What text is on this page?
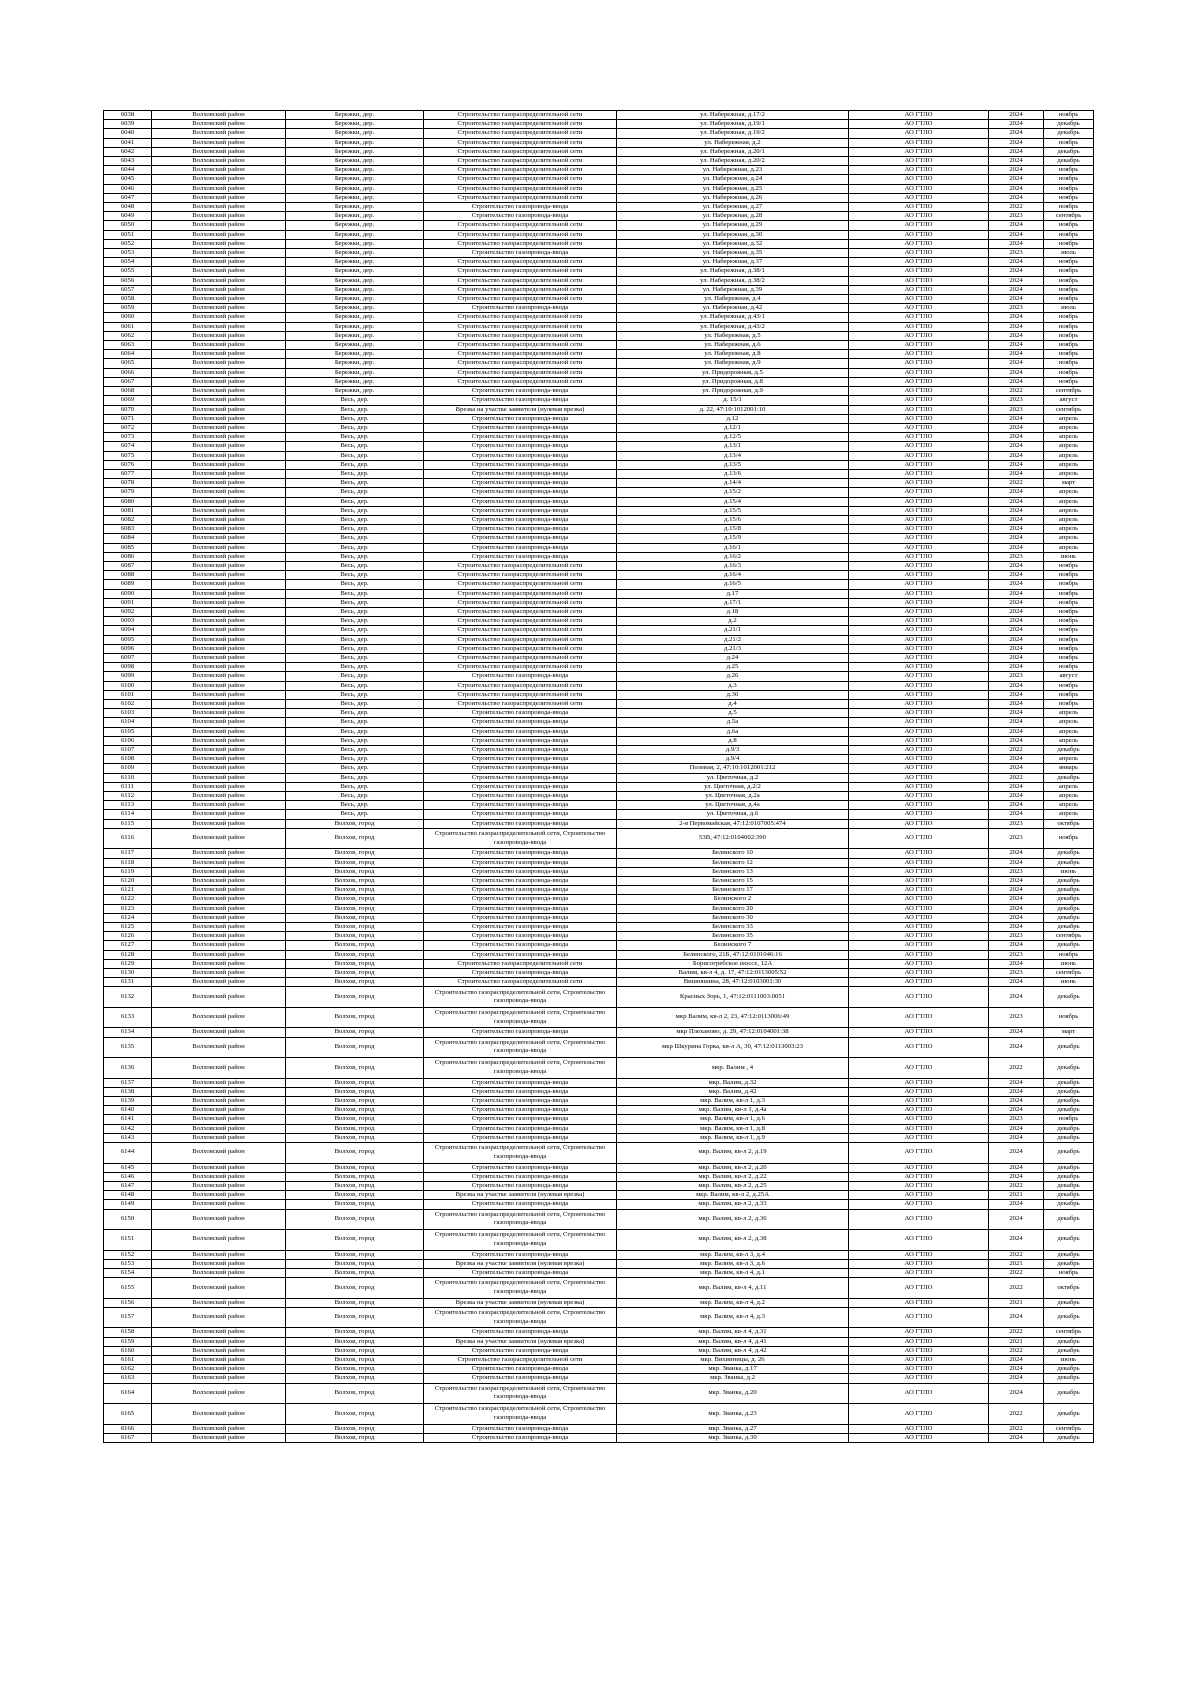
6038	Волховский район	Бережки, дер.	Строительство газораспределительной сети	ул. Набережная, д.17/2	АО ГТЛО	2024	ноябрь
6039	Волховский район	Бережки, дер.	Строительство газораспределительной сети	ул. Набережная, д.19/1	АО ГТЛО	2024	декабрь
6040	Волховский район	Бережки, дер.	Строительство газораспределительной сети	ул. Набережная, д.19/2	АО ГТЛО	2024	декабрь
6041	Волховский район	Бережки, дер.	Строительство газораспределительной сети	ул. Набережная, д.2	АО ГТЛО	2024	ноябрь
6042	Волховский район	Бережки, дер.	Строительство газораспределительной сети	ул. Набережная, д.20/1	АО ГТЛО	2024	декабрь
6043	Волховский район	Бережки, дер.	Строительство газораспределительной сети	ул. Набережная, д.20/2	АО ГТЛО	2024	декабрь
6044	Волховский район	Бережки, дер.	Строительство газораспределительной сети	ул. Набережная, д.23	АО ГТЛО	2024	ноябрь
6045	Волховский район	Бережки, дер.	Строительство газораспределительной сети	ул. Набережная, д.24	АО ГТЛО	2024	ноябрь
6046	Волховский район	Бережки, дер.	Строительство газораспределительной сети	ул. Набережная, д.25	АО ГТЛО	2024	ноябрь
6047	Волховский район	Бережки, дер.	Строительство газораспределительной сети	ул. Набережная, д.26	АО ГТЛО	2024	ноябрь
6048	Волховский район	Бережки, дер.	Строительство газопровода-ввода	ул. Набережная, д.27	АО ГТЛО	2022	ноябрь
6049	Волховский район	Бережки, дер.	Строительство газопровода-ввода	ул. Набережная, д.28	АО ГТЛО	2023	сентябрь
6050	Волховский район	Бережки, дер.	Строительство газораспределительной сети	ул. Набережная, д.29	АО ГТЛО	2024	ноябрь
6051	Волховский район	Бережки, дер.	Строительство газораспределительной сети	ул. Набережная, д.30	АО ГТЛО	2024	ноябрь
6052	Волховский район	Бережки, дер.	Строительство газораспределительной сети	ул. Набережная, д.32	АО ГТЛО	2024	ноябрь
6053	Волховский район	Бережки, дер.	Строительство газопровода-ввода	ул. Набережная, д.35	АО ГТЛО	2023	июль
6054	Волховский район	Бережки, дер.	Строительство газораспределительной сети	ул. Набережная, д.37	АО ГТЛО	2024	ноябрь
6055	Волховский район	Бережки, дер.	Строительство газораспределительной сети	ул. Набережная, д.38/1	АО ГТЛО	2024	ноябрь
6056	Волховский район	Бережки, дер.	Строительство газораспределительной сети	ул. Набережная, д.38/2	АО ГТЛО	2024	ноябрь
6057	Волховский район	Бережки, дер.	Строительство газораспределительной сети	ул. Набережная, д.39	АО ГТЛО	2024	ноябрь
6058	Волховский район	Бережки, дер.	Строительство газораспределительной сети	ул. Набережная, д.4	АО ГТЛО	2024	ноябрь
6059	Волховский район	Бережки, дер.	Строительство газопровода-ввода	ул. Набережная, д.42	АО ГТЛО	2023	июль
6060	Волховский район	Бережки, дер.	Строительство газораспределительной сети	ул. Набережная, д.43/1	АО ГТЛО	2024	ноябрь
6061	Волховский район	Бережки, дер.	Строительство газораспределительной сети	ул. Набережная, д.43/2	АО ГТЛО	2024	ноябрь
6062	Волховский район	Бережки, дер.	Строительство газораспределительной сети	ул. Набережная, д.5	АО ГТЛО	2024	ноябрь
6063	Волховский район	Бережки, дер.	Строительство газораспределительной сети	ул. Набережная, д.6	АО ГТЛО	2024	ноябрь
6064	Волховский район	Бережки, дер.	Строительство газораспределительной сети	ул. Набережная, д.8	АО ГТЛО	2024	ноябрь
6065	Волховский район	Бережки, дер.	Строительство газораспределительной сети	ул. Набережная, д.9	АО ГТЛО	2024	ноябрь
6066	Волховский район	Бережки, дер.	Строительство газораспределительной сети	ул. Придорожная, д.5	АО ГТЛО	2024	ноябрь
6067	Волховский район	Бережки, дер.	Строительство газораспределительной сети	ул. Придорожная, д.8	АО ГТЛО	2024	ноябрь
6068	Волховский район	Бережки, дер.	Строительство газопровода-ввода	ул. Придорожная, д.9	АО ГТЛО	2022	сентябрь
6069	Волховский район	Весь, дер.	Строительство газопровода-ввода	д. 15/1	АО ГТЛО	2023	август
6070	Волховский район	Весь, дер.	Врезка на участке заявителя (нулевая врезка)	д. 22, 47:10:1012001:10	АО ГТЛО	2023	сентябрь
6071	Волховский район	Весь, дер.	Строительство газопровода-ввода	д.12	АО ГТЛО	2024	апрель
6072	Волховский район	Весь, дер.	Строительство газопровода-ввода	д.12/1	АО ГТЛО	2024	апрель
6073	Волховский район	Весь, дер.	Строительство газопровода-ввода	д.12/5	АО ГТЛО	2024	апрель
6074	Волховский район	Весь, дер.	Строительство газопровода-ввода	д.13/1	АО ГТЛО	2024	апрель
6075	Волховский район	Весь, дер.	Строительство газопровода-ввода	д.13/4	АО ГТЛО	2024	апрель
6076	Волховский район	Весь, дер.	Строительство газопровода-ввода	д.13/5	АО ГТЛО	2024	апрель
6077	Волховский район	Весь, дер.	Строительство газопровода-ввода	д.13/6	АО ГТЛО	2024	апрель
6078	Волховский район	Весь, дер.	Строительство газопровода-ввода	д.14/4	АО ГТЛО	2022	март
6079	Волховский район	Весь, дер.	Строительство газопровода-ввода	д.15/2	АО ГТЛО	2024	апрель
6080	Волховский район	Весь, дер.	Строительство газопровода-ввода	д.15/4	АО ГТЛО	2024	апрель
6081	Волховский район	Весь, дер.	Строительство газопровода-ввода	д.15/5	АО ГТЛО	2024	апрель
6082	Волховский район	Весь, дер.	Строительство газопровода-ввода	д.15/6	АО ГТЛО	2024	апрель
6083	Волховский район	Весь, дер.	Строительство газопровода-ввода	д.15/8	АО ГТЛО	2024	апрель
6084	Волховский район	Весь, дер.	Строительство газопровода-ввода	д.15/9	АО ГТЛО	2024	апрель
6085	Волховский район	Весь, дер.	Строительство газопровода-ввода	д.16/1	АО ГТЛО	2024	апрель
6086	Волховский район	Весь, дер.	Строительство газопровода-ввода	д.16/2	АО ГТЛО	2023	июнь
6087	Волховский район	Весь, дер.	Строительство газораспределительной сети	д.16/3	АО ГТЛО	2024	ноябрь
6088	Волховский район	Весь, дер.	Строительство газораспределительной сети	д.16/4	АО ГТЛО	2024	ноябрь
6089	Волховский район	Весь, дер.	Строительство газораспределительной сети	д.16/5	АО ГТЛО	2024	ноябрь
6090	Волховский район	Весь, дер.	Строительство газораспределительной сети	д.17	АО ГТЛО	2024	ноябрь
6091	Волховский район	Весь, дер.	Строительство газораспределительной сети	д.17/1	АО ГТЛО	2024	ноябрь
6092	Волховский район	Весь, дер.	Строительство газораспределительной сети	д.18	АО ГТЛО	2024	ноябрь
6093	Волховский район	Весь, дер.	Строительство газораспределительной сети	д.2	АО ГТЛО	2024	ноябрь
6094	Волховский район	Весь, дер.	Строительство газораспределительной сети	д.21/1	АО ГТЛО	2024	ноябрь
6095	Волховский район	Весь, дер.	Строительство газораспределительной сети	д.21/2	АО ГТЛО	2024	ноябрь
6096	Волховский район	Весь, дер.	Строительство газораспределительной сети	д.21/3	АО ГТЛО	2024	ноябрь
6097	Волховский район	Весь, дер.	Строительство газораспределительной сети	д.24	АО ГТЛО	2024	ноябрь
6098	Волховский район	Весь, дер.	Строительство газораспределительной сети	д.25	АО ГТЛО	2024	ноябрь
6099	Волховский район	Весь, дер.	Строительство газопровода-ввода	д.26	АО ГТЛО	2023	август
6100	Волховский район	Весь, дер.	Строительство газораспределительной сети	д.3	АО ГТЛО	2024	ноябрь
6101	Волховский район	Весь, дер.	Строительство газораспределительной сети	д.30	АО ГТЛО	2024	ноябрь
6102	Волховский район	Весь, дер.	Строительство газораспределительной сети	д.4	АО ГТЛО	2024	ноябрь
6103	Волховский район	Весь, дер.	Строительство газопровода-ввода	д.5	АО ГТЛО	2024	апрель
6104	Волховский район	Весь, дер.	Строительство газопровода-ввода	д.5а	АО ГТЛО	2024	апрель
6105	Волховский район	Весь, дер.	Строительство газопровода-ввода	д.6а	АО ГТЛО	2024	апрель
6106	Волховский район	Весь, дер.	Строительство газопровода-ввода	д.8	АО ГТЛО	2024	апрель
6107	Волховский район	Весь, дер.	Строительство газопровода-ввода	д.9/3	АО ГТЛО	2022	декабрь
6108	Волховский район	Весь, дер.	Строительство газопровода-ввода	д.9/4	АО ГТЛО	2024	апрель
6109	Волховский район	Весь, дер.	Строительство газопровода-ввода	Полевая, 2, 47:10:1012001:212	АО ГТЛО	2024	январь
6110	Волховский район	Весь, дер.	Строительство газопровода-ввода	ул. Цветочная, д.2	АО ГТЛО	2022	декабрь
6111	Волховский район	Весь, дер.	Строительство газопровода-ввода	ул. Цветочная, д.2/2	АО ГТЛО	2024	апрель
6112	Волховский район	Весь, дер.	Строительство газопровода-ввода	ул. Цветочная, д.2а	АО ГТЛО	2024	апрель
6113	Волховский район	Весь, дер.	Строительство газопровода-ввода	ул. Цветочная, д.4а	АО ГТЛО	2024	апрель
6114	Волховский район	Весь, дер.	Строительство газопровода-ввода	ул. Цветочная, д.6	АО ГТЛО	2024	апрель
6115	Волховский район	Волхов, город	Строительство газопровода-ввода	2-я Первомайская, 47:12:0107005:474	АО ГТЛО	2023	октябрь
6116	Волховский район	Волхов, город	Строительство газораспределительной сети, Строительство газопровода-ввода	53В, 47:12:0104002:390	АО ГТЛО	2023	ноябрь
6117	Волховский район	Волхов, город	Строительство газопровода-ввода	Белинского 10	АО ГТЛО	2024	декабрь
6118	Волховский район	Волхов, город	Строительство газопровода-ввода	Белинского 12	АО ГТЛО	2024	декабрь
6119	Волховский район	Волхов, город	Строительство газопровода-ввода	Белинского 13	АО ГТЛО	2023	июнь
6120	Волховский район	Волхов, город	Строительство газопровода-ввода	Белинского 15	АО ГТЛО	2024	декабрь
6121	Волховский район	Волхов, город	Строительство газопровода-ввода	Белинского 17	АО ГТЛО	2024	декабрь
6122	Волховский район	Волхов, город	Строительство газопровода-ввода	Белинского 2	АО ГТЛО	2024	декабрь
6123	Волховский район	Волхов, город	Строительство газопровода-ввода	Белинского 20	АО ГТЛО	2024	декабрь
6124	Волховский район	Волхов, город	Строительство газопровода-ввода	Белинского 30	АО ГТЛО	2024	декабрь
6125	Волховский район	Волхов, город	Строительство газопровода-ввода	Белинского 33	АО ГТЛО	2024	декабрь
6126	Волховский район	Волхов, город	Строительство газопровода-ввода	Белинского 35	АО ГТЛО	2023	сентябрь
6127	Волховский район	Волхов, город	Строительство газопровода-ввода	Белинского 7	АО ГТЛО	2024	декабрь
6128	Волховский район	Волхов, город	Строительство газопровода-ввода	Белинского, 21Б, 47:12:0101046:16	АО ГТЛО	2023	ноябрь
6129	Волховский район	Волхов, город	Строительство газораспределительной сети	Борисогребское шоссе, 12А	АО ГТЛО	2024	июнь
6130	Волховский район	Волхов, город	Строительство газопровода-ввода	Валим, кв-л 4, д. 17, 47:12:0113005:52	АО ГТЛО	2023	сентябрь
6131	Волховский район	Волхов, город	Строительство газораспределительной сети	Вишняшина, 28, 47:12:0103001:30	АО ГТЛО	2024	июнь
6132	Волховский район	Волхов, город	Строительство газораспределительной сети, Строительство газопровода-ввода	Красных Зорь, 1, 47:12:0111003:0051	АО ГТЛО	2024	декабрь
6133	Волховский район	Волхов, город	Строительство газораспределительной сети, Строительство газопровода-ввода	мкр Валим, кв-л 2, 23, 47:12:0113006:49	АО ГТЛО	2023	ноябрь
6134	Волховский район	Волхов, город	Строительство газопровода-ввода	мкр Плеханово, д. 29, 47:12:0104001:38	АО ГТЛО	2024	март
6135	Волховский район	Волхов, город	Строительство газораспределительной сети, Строительство газопровода-ввода	мкр Шкурина Горка, кв-л А, 30, 47:12:0113003:23	АО ГТЛО	2024	декабрь
6136	Волховский район	Волхов, город	Строительство газораспределительной сети, Строительство газопровода-ввода	мкр. Валим , 4	АО ГТЛО	2022	декабрь
6137	Волховский район	Волхов, город	Строительство газопровода-ввода	мкр. Валим, д.32	АО ГТЛО	2024	декабрь
6138	Волховский район	Волхов, город	Строительство газопровода-ввода	мкр. Валим, д.42	АО ГТЛО	2024	декабрь
6139	Волховский район	Волхов, город	Строительство газопровода-ввода	мкр. Валим, кв-л 1, д.3	АО ГТЛО	2024	декабрь
6140	Волховский район	Волхов, город	Строительство газопровода-ввода	мкр. Валим, кв-л 1, д.4а	АО ГТЛО	2024	декабрь
6141	Волховский район	Волхов, город	Строительство газопровода-ввода	мкр. Валим, кв-л 1, д.6	АО ГТЛО	2023	ноябрь
6142	Волховский район	Волхов, город	Строительство газопровода-ввода	мкр. Валим, кв-л 1, д.8	АО ГТЛО	2024	декабрь
6143	Волховский район	Волхов, город	Строительство газопровода-ввода	мкр. Валим, кв-л 1, д.9	АО ГТЛО	2024	декабрь
6144	Волховский район	Волхов, город	Строительство газораспределительной сети, Строительство газопровода-ввода	мкр. Валим, кв-л 2, д.19	АО ГТЛО	2024	декабрь
6145	Волховский район	Волхов, город	Строительство газопровода-ввода	мкр. Валим, кв-л 2, д.20	АО ГТЛО	2024	декабрь
6146	Волховский район	Волхов, город	Строительство газопровода-ввода	мкр. Валим, кв-л 2, д.22	АО ГТЛО	2024	декабрь
6147	Волховский район	Волхов, город	Строительство газопровода-ввода	мкр. Валим, кв-л 2, д.25	АО ГТЛО	2022	декабрь
6148	Волховский район	Волхов, город	Врезка на участке заявителя (нулевая врезка)	мкр. Валим, кв-л 2, д.25А	АО ГТЛО	2021	декабрь
6149	Волховский район	Волхов, город	Строительство газопровода-ввода	мкр. Валим, кв-л 2, д.33	АО ГТЛО	2024	декабрь
6150	Волховский район	Волхов, город	Строительство газораспределительной сети, Строительство газопровода-ввода	мкр. Валим, кв-л 2, д.36	АО ГТЛО	2024	декабрь
6151	Волховский район	Волхов, город	Строительство газораспределительной сети, Строительство газопровода-ввода	мкр. Валим, кв-л 2, д.38	АО ГТЛО	2024	декабрь
6152	Волховский район	Волхов, город	Строительство газопровода-ввода	мкр. Валим, кв-л 3, д.4	АО ГТЛО	2022	декабрь
6153	Волховский район	Волхов, город	Врезка на участке заявителя (нулевая врезка)	мкр. Валим, кв-л 3, д.6	АО ГТЛО	2021	декабрь
6154	Волховский район	Волхов, город	Строительство газопровода-ввода	мкр. Валим, кв-л 4, д.1	АО ГТЛО	2022	ноябрь
6155	Волховский район	Волхов, город	Строительство газораспределительной сети, Строительство газопровода-ввода	мкр. Валим, кв-л 4, д.11	АО ГТЛО	2022	октябрь
6156	Волховский район	Волхов, город	Врезка на участке заявителя (нулевая врезка)	мкр. Валим, кв-л 4, д.2	АО ГТЛО	2021	декабрь
6157	Волховский район	Волхов, город	Строительство газораспределительной сети, Строительство газопровода-ввода	мкр. Валим, кв-л 4, д.3	АО ГТЛО	2024	декабрь
6158	Волховский район	Волхов, город	Строительство газопровода-ввода	мкр. Валим, кв-л 4, д.31	АО ГТЛО	2022	сентябрь
6159	Волховский район	Волхов, город	Врезка на участке заявителя (нулевая врезка)	мкр. Валим, кв-л 4, д.41	АО ГТЛО	2021	декабрь
6160	Волховский район	Волхов, город	Строительство газопровода-ввода	мкр. Валим, кв-л 4, д.42	АО ГТЛО	2022	декабрь
6161	Волховский район	Волхов, город	Строительство газораспределительной сети	мкр. Вихвиницы, д. 26	АО ГТЛО	2024	июнь
6162	Волховский район	Волхов, город	Строительство газопровода-ввода	мкр. Званка, д.17	АО ГТЛО	2024	декабрь
6163	Волховский район	Волхов, город	Строительство газопровода-ввода	мкр. Званка, д.2	АО ГТЛО	2024	декабрь
6164	Волховский район	Волхов, город	Строительство газораспределительной сети, Строительство газопровода-ввода	мкр. Званка, д.20	АО ГТЛО	2024	декабрь
6165	Волховский район	Волхов, город	Строительство газораспределительной сети, Строительство газопровода-ввода	мкр. Званка, д.23	АО ГТЛО	2022	декабрь
6166	Волховский район	Волхов, город	Строительство газопровода-ввода	мкр. Званка, д.27	АО ГТЛО	2022	сентябрь
6167	Волховский район	Волхов, город	Строительство газопровода-ввода	мкр. Званка, д.30	АО ГТЛО	2024	декабрь
